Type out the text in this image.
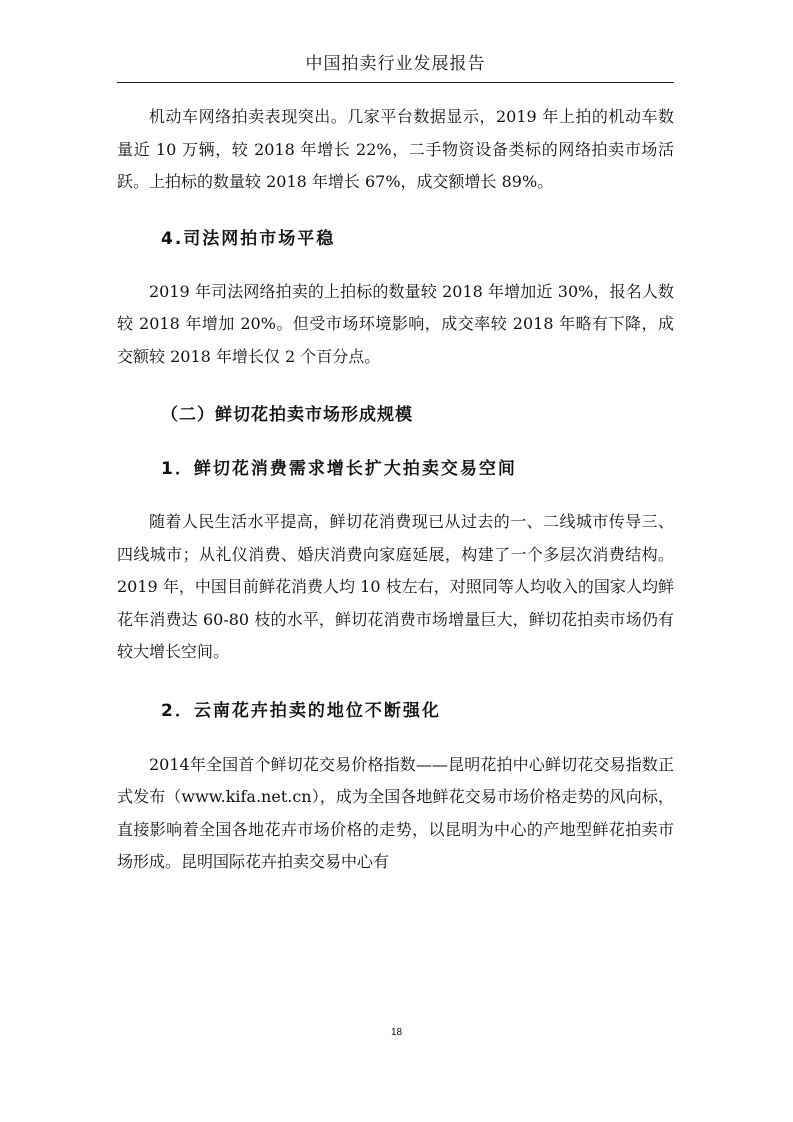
中国拍卖行业发展报告

机动车网络拍卖表现突出。几家平台数据显示，2019 年上拍的机动车数量近 10 万辆，较 2018 年增长 22%，二手物资设备类标的网络拍卖市场活跃。上拍标的数量较 2018 年增长 67%，成交额增长 89%。

4.司法网拍市场平稳

2019 年司法网络拍卖的上拍标的数量较 2018 年增加近 30%，报名人数较 2018 年增加 20%。但受市场环境影响，成交率较 2018 年略有下降，成交额较 2018 年增长仅 2 个百分点。

（二）鲜切花拍卖市场形成规模
1．鲜切花消费需求增长扩大拍卖交易空间

随着人民生活水平提高，鲜切花消费现已从过去的一、二线城市传导三、四线城市；从礼仪消费、婚庆消费向家庭延展，构建了一个多层次消费结构。2019 年，中国目前鲜花消费人均 10 枝左右，对照同等人均收入的国家人均鲜花年消费达 60-80 枝的水平，鲜切花消费市场增量巨大，鲜切花拍卖市场仍有较大增长空间。

2．云南花卉拍卖的地位不断强化

2014年全国首个鲜切花交易价格指数——昆明花拍中心鲜切花交易指数正式发布（www.kifa.net.cn），成为全国各地鲜花交易市场价格走势的风向标，直接影响着全国各地花卉市场价格的走势，以昆明为中心的产地型鲜花拍卖市场形成。昆明国际花卉拍卖交易中心有

18
